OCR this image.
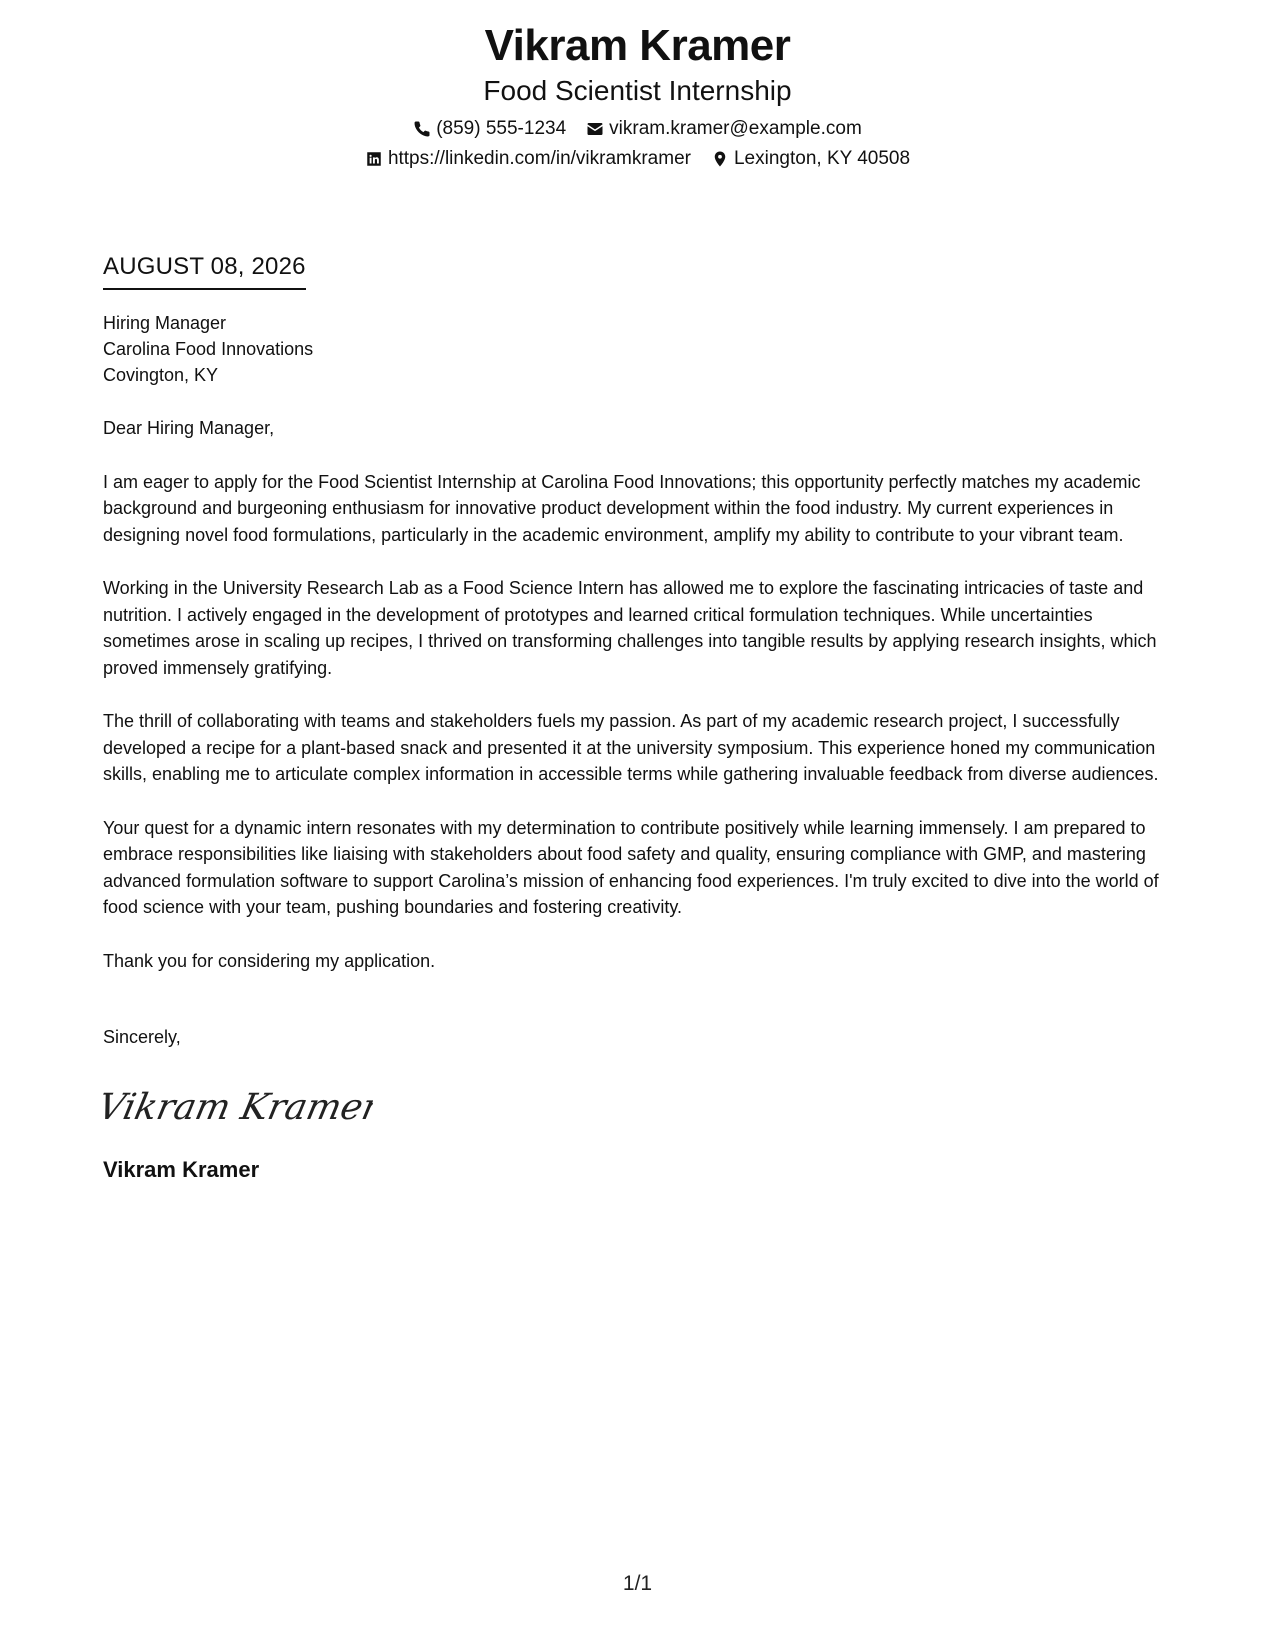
Vikram Kramer
Food Scientist Internship
(859) 555-1234 vikram.kramer@example.com
https://linkedin.com/in/vikramkramer Lexington, KY 40508
AUGUST 08, 2026
Hiring Manager
Carolina Food Innovations
Covington, KY
Dear Hiring Manager,

I am eager to apply for the Food Scientist Internship at Carolina Food Innovations; this opportunity perfectly matches my academic background and burgeoning enthusiasm for innovative product development within the food industry. My current experiences in designing novel food formulations, particularly in the academic environment, amplify my ability to contribute to your vibrant team.

Working in the University Research Lab as a Food Science Intern has allowed me to explore the fascinating intricacies of taste and nutrition. I actively engaged in the development of prototypes and learned critical formulation techniques. While uncertainties sometimes arose in scaling up recipes, I thrived on transforming challenges into tangible results by applying research insights, which proved immensely gratifying.

The thrill of collaborating with teams and stakeholders fuels my passion. As part of my academic research project, I successfully developed a recipe for a plant-based snack and presented it at the university symposium. This experience honed my communication skills, enabling me to articulate complex information in accessible terms while gathering invaluable feedback from diverse audiences.

Your quest for a dynamic intern resonates with my determination to contribute positively while learning immensely. I am prepared to embrace responsibilities like liaising with stakeholders about food safety and quality, ensuring compliance with GMP, and mastering advanced formulation software to support Carolina’s mission of enhancing food experiences. I'm truly excited to dive into the world of food science with your team, pushing boundaries and fostering creativity.

Thank you for considering my application.

Sincerely,
Vikram Kramer
Vikram Kramer
1/1
